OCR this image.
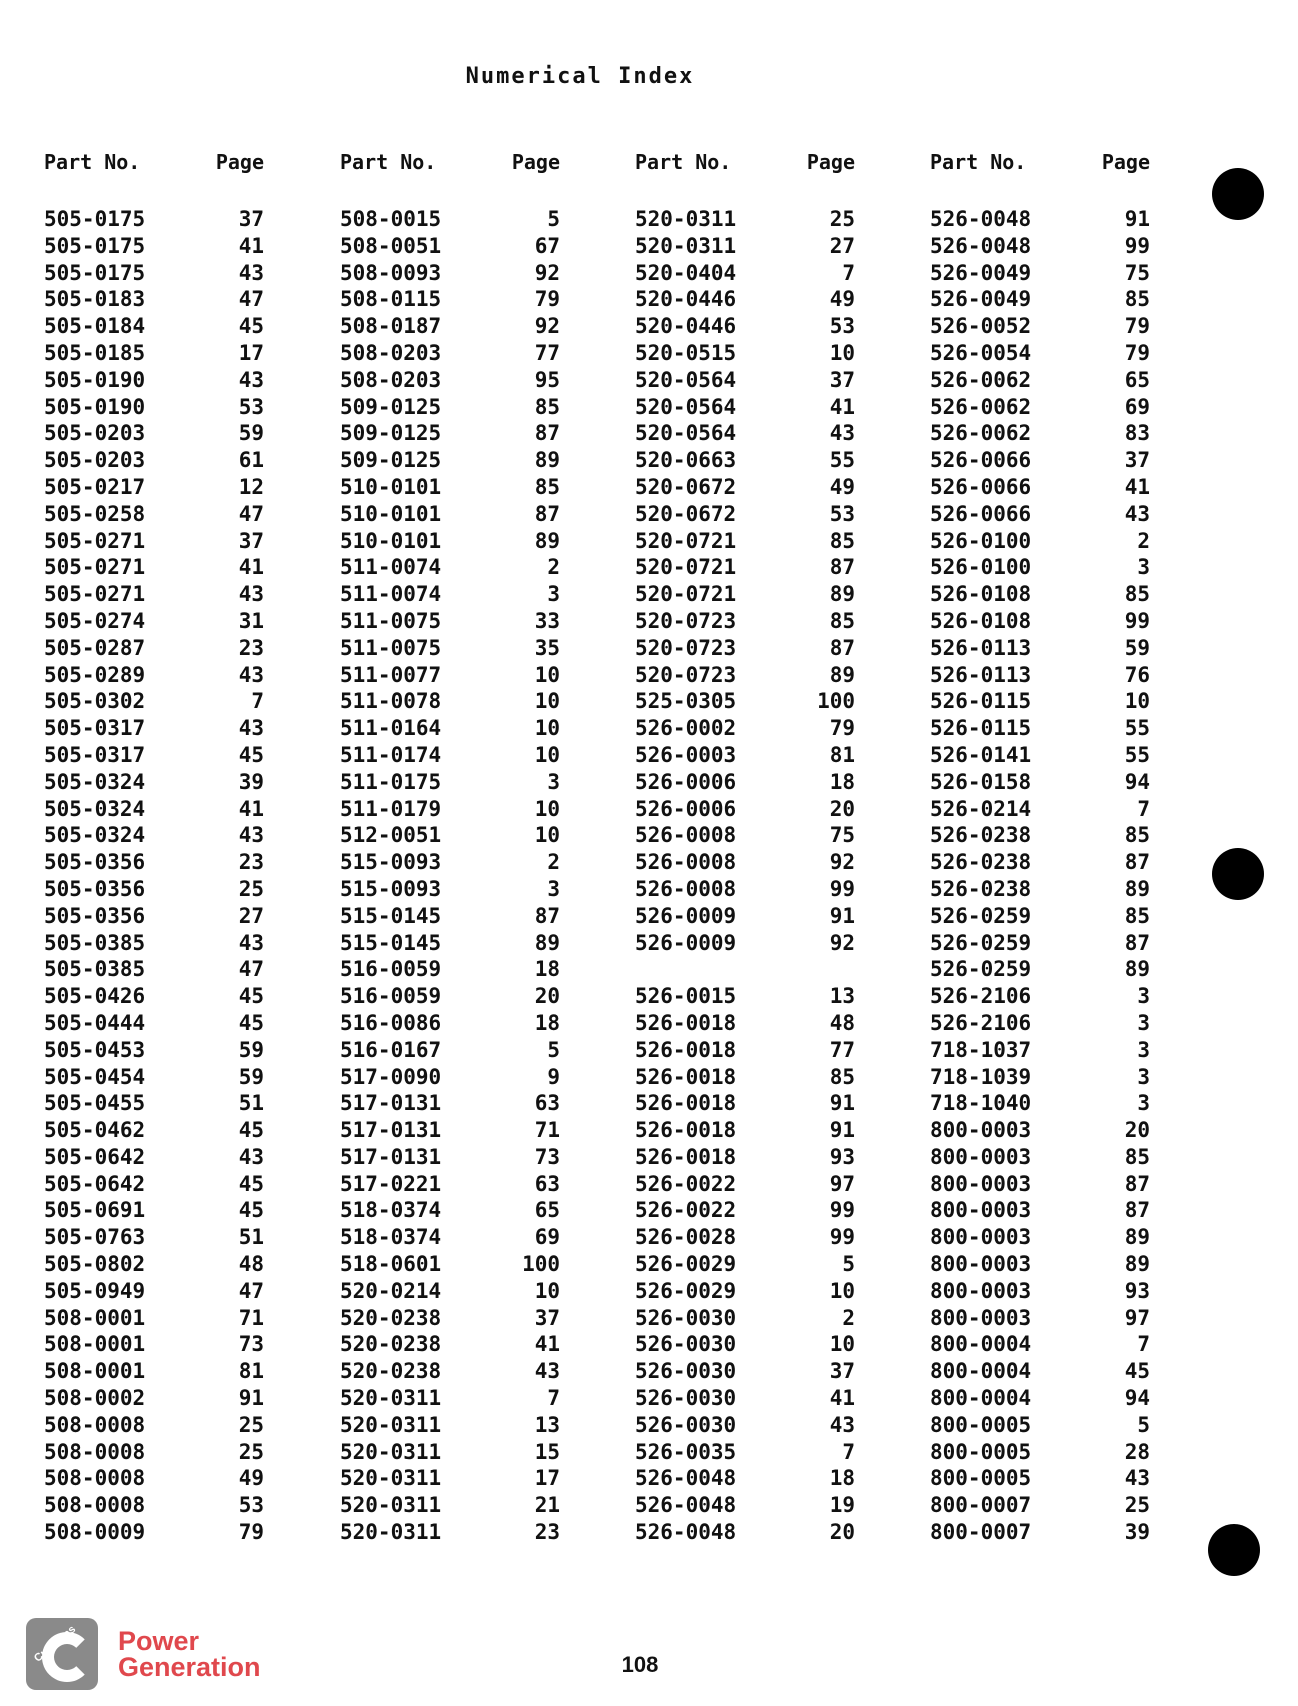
Numerical Index
Part No.	Page
505-0175	37
505-0175	41
505-0175	43
505-0183	47
505-0184	45
505-0185	17
505-0190	43
505-0190	53
505-0203	59
505-0203	61
505-0217	12
505-0258	47
505-0271	37
505-0271	41
505-0271	43
505-0274	31
505-0287	23
505-0289	43
505-0302	7
505-0317	43
505-0317	45
505-0324	39
505-0324	41
505-0324	43
505-0356	23
505-0356	25
505-0356	27
505-0385	43
505-0385	47
505-0426	45
505-0444	45
505-0453	59
505-0454	59
505-0455	51
505-0462	45
505-0642	43
505-0642	45
505-0691	45
505-0763	51
505-0802	48
505-0949	47
508-0001	71
508-0001	73
508-0001	81
508-0002	91
508-0008	25
508-0008	25
508-0008	49
508-0008	53
508-0009	79
Part No.	Page
508-0015	5
508-0051	67
508-0093	92
508-0115	79
508-0187	92
508-0203	77
508-0203	95
509-0125	85
509-0125	87
509-0125	89
510-0101	85
510-0101	87
510-0101	89
511-0074	2
511-0074	3
511-0075	33
511-0075	35
511-0077	10
511-0078	10
511-0164	10
511-0174	10
511-0175	3
511-0179	10
512-0051	10
515-0093	2
515-0093	3
515-0145	87
515-0145	89
516-0059	18
516-0059	20
516-0086	18
516-0167	5
517-0090	9
517-0131	63
517-0131	71
517-0131	73
517-0221	63
518-0374	65
518-0374	69
518-0601	100
520-0214	10
520-0238	37
520-0238	41
520-0238	43
520-0311	7
520-0311	13
520-0311	15
520-0311	17
520-0311	21
520-0311	23
Part No.	Page
520-0311	25
520-0311	27
520-0404	7
520-0446	49
520-0446	53
520-0515	10
520-0564	37
520-0564	41
520-0564	43
520-0663	55
520-0672	49
520-0672	53
520-0721	85
520-0721	87
520-0721	89
520-0723	85
520-0723	87
520-0723	89
525-0305	100
526-0002	79
526-0003	81
526-0006	18
526-0006	20
526-0008	75
526-0008	92
526-0008	99
526-0009	91
526-0009	92
526-0015	13
526-0018	48
526-0018	77
526-0018	85
526-0018	91
526-0018	91
526-0018	93
526-0022	97
526-0022	99
526-0028	99
526-0029	5
526-0029	10
526-0030	2
526-0030	10
526-0030	37
526-0030	41
526-0030	43
526-0035	7
526-0048	18
526-0048	19
526-0048	20
Part No.	Page
526-0048	91
526-0048	99
526-0049	75
526-0049	85
526-0052	79
526-0054	79
526-0062	65
526-0062	69
526-0062	83
526-0066	37
526-0066	41
526-0066	43
526-0100	2
526-0100	3
526-0108	85
526-0108	99
526-0113	59
526-0113	76
526-0115	10
526-0115	55
526-0141	55
526-0158	94
526-0214	7
526-0238	85
526-0238	87
526-0238	89
526-0259	85
526-0259	87
526-0259	89
526-2106	3
526-2106	3
718-1037	3
718-1039	3
718-1040	3
800-0003	20
800-0003	85
800-0003	87
800-0003	87
800-0003	89
800-0003	89
800-0003	93
800-0003	97
800-0004	7
800-0004	45
800-0004	94
800-0005	5
800-0005	28
800-0005	43
800-0007	25
800-0007	39
Cummins Power
Generation	108
